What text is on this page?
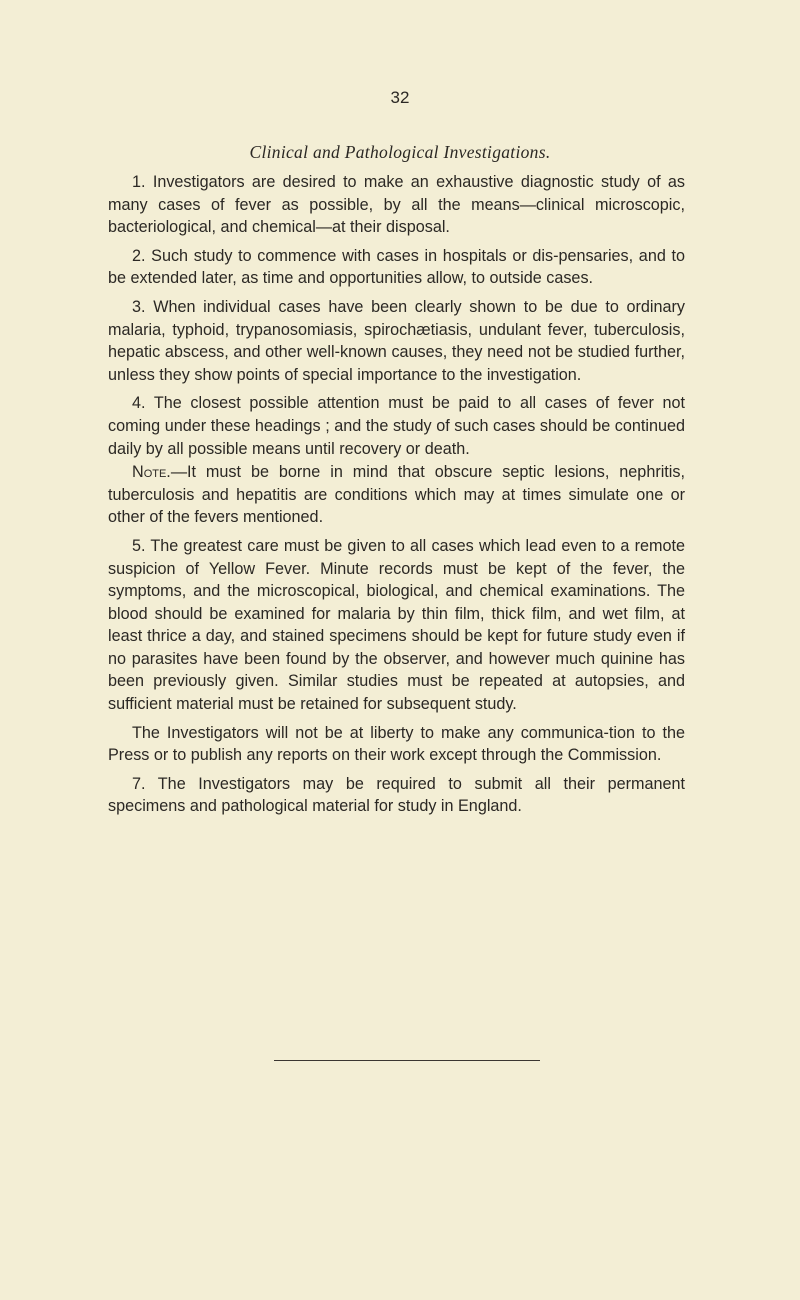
32
Clinical and Pathological Investigations.

1. Investigators are desired to make an exhaustive diagnostic study of as many cases of fever as possible, by all the means—clinical microscopic, bacteriological, and chemical—at their disposal.

2. Such study to commence with cases in hospitals or dis-pensaries, and to be extended later, as time and opportunities allow, to outside cases.

3. When individual cases have been clearly shown to be due to ordinary malaria, typhoid, trypanosomiasis, spirochætiasis, undulant fever, tuberculosis, hepatic abscess, and other well-known causes, they need not be studied further, unless they show points of special importance to the investigation.

4. The closest possible attention must be paid to all cases of fever not coming under these headings ; and the study of such cases should be continued daily by all possible means until recovery or death.

Note.—It must be borne in mind that obscure septic lesions, nephritis, tuberculosis and hepatitis are conditions which may at times simulate one or other of the fevers mentioned.

5. The greatest care must be given to all cases which lead even to a remote suspicion of Yellow Fever. Minute records must be kept of the fever, the symptoms, and the microscopical, biological, and chemical examinations. The blood should be examined for malaria by thin film, thick film, and wet film, at least thrice a day, and stained specimens should be kept for future study even if no parasites have been found by the observer, and however much quinine has been previously given. Similar studies must be repeated at autopsies, and sufficient material must be retained for subsequent study.

The Investigators will not be at liberty to make any communica-tion to the Press or to publish any reports on their work except through the Commission.

7. The Investigators may be required to submit all their permanent specimens and pathological material for study in England.
